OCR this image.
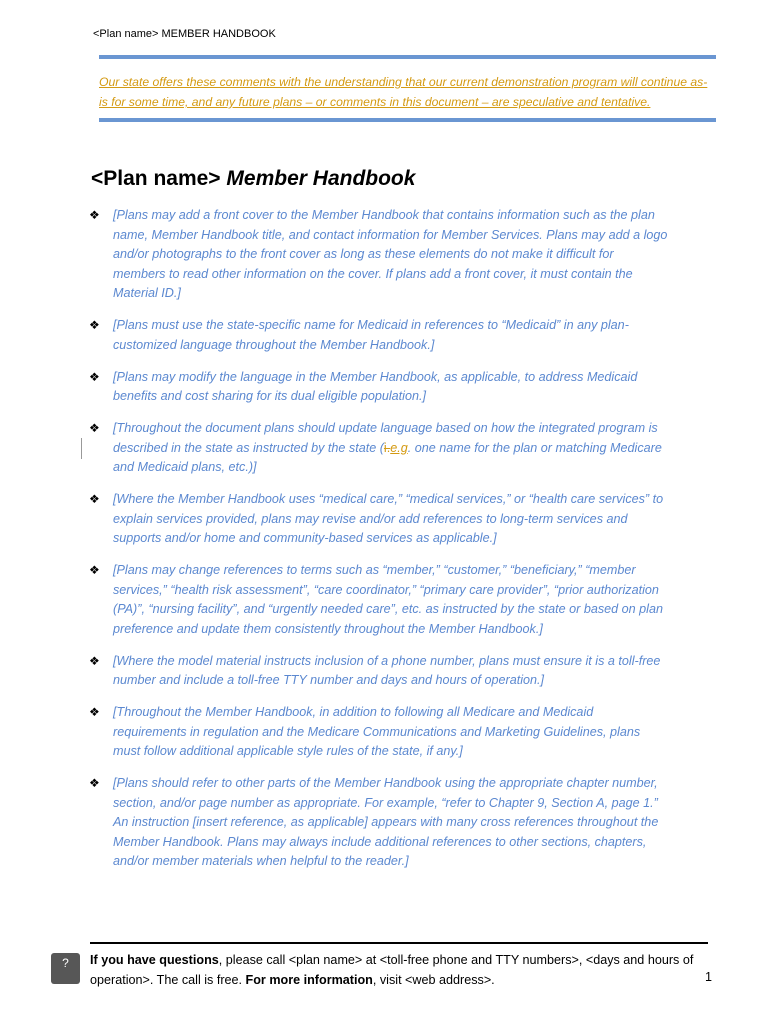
<Plan name> MEMBER HANDBOOK
Our state offers these comments with the understanding that our current demonstration program will continue as-is for some time, and any future plans – or comments in this document – are speculative and tentative.
<Plan name> Member Handbook
❖ [Plans may add a front cover to the Member Handbook that contains information such as the plan name, Member Handbook title, and contact information for Member Services. Plans may add a logo and/or photographs to the front cover as long as these elements do not make it difficult for members to read other information on the cover. If plans add a front cover, it must contain the Material ID.]
❖ [Plans must use the state-specific name for Medicaid in references to “Medicaid” in any plan-customized language throughout the Member Handbook.]
❖ [Plans may modify the language in the Member Handbook, as applicable, to address Medicaid benefits and cost sharing for its dual eligible population.]
❖ [Throughout the document plans should update language based on how the integrated program is described in the state as instructed by the state (i.e.g. one name for the plan or matching Medicare and Medicaid plans, etc.)]
❖ [Where the Member Handbook uses “medical care,” “medical services,” or “health care services” to explain services provided, plans may revise and/or add references to long-term services and supports and/or home and community-based services as applicable.]
❖ [Plans may change references to terms such as “member,” “customer,” “beneficiary,” “member services,” “health risk assessment”, “care coordinator,” “primary care provider”, “prior authorization (PA)”, “nursing facility”, and “urgently needed care”, etc. as instructed by the state or based on plan preference and update them consistently throughout the Member Handbook.]
❖ [Where the model material instructs inclusion of a phone number, plans must ensure it is a toll-free number and include a toll-free TTY number and days and hours of operation.]
❖ [Throughout the Member Handbook, in addition to following all Medicare and Medicaid requirements in regulation and the Medicare Communications and Marketing Guidelines, plans must follow additional applicable style rules of the state, if any.]
❖ [Plans should refer to other parts of the Member Handbook using the appropriate chapter number, section, and/or page number as appropriate. For example, “refer to Chapter 9, Section A, page 1.” An instruction [insert reference, as applicable] appears with many cross references throughout the Member Handbook. Plans may always include additional references to other sections, chapters, and/or member materials when helpful to the reader.]
?	If you have questions, please call <plan name> at <toll-free phone and TTY numbers>, <days and hours of operation>. The call is free. For more information, visit <web address>.	1
